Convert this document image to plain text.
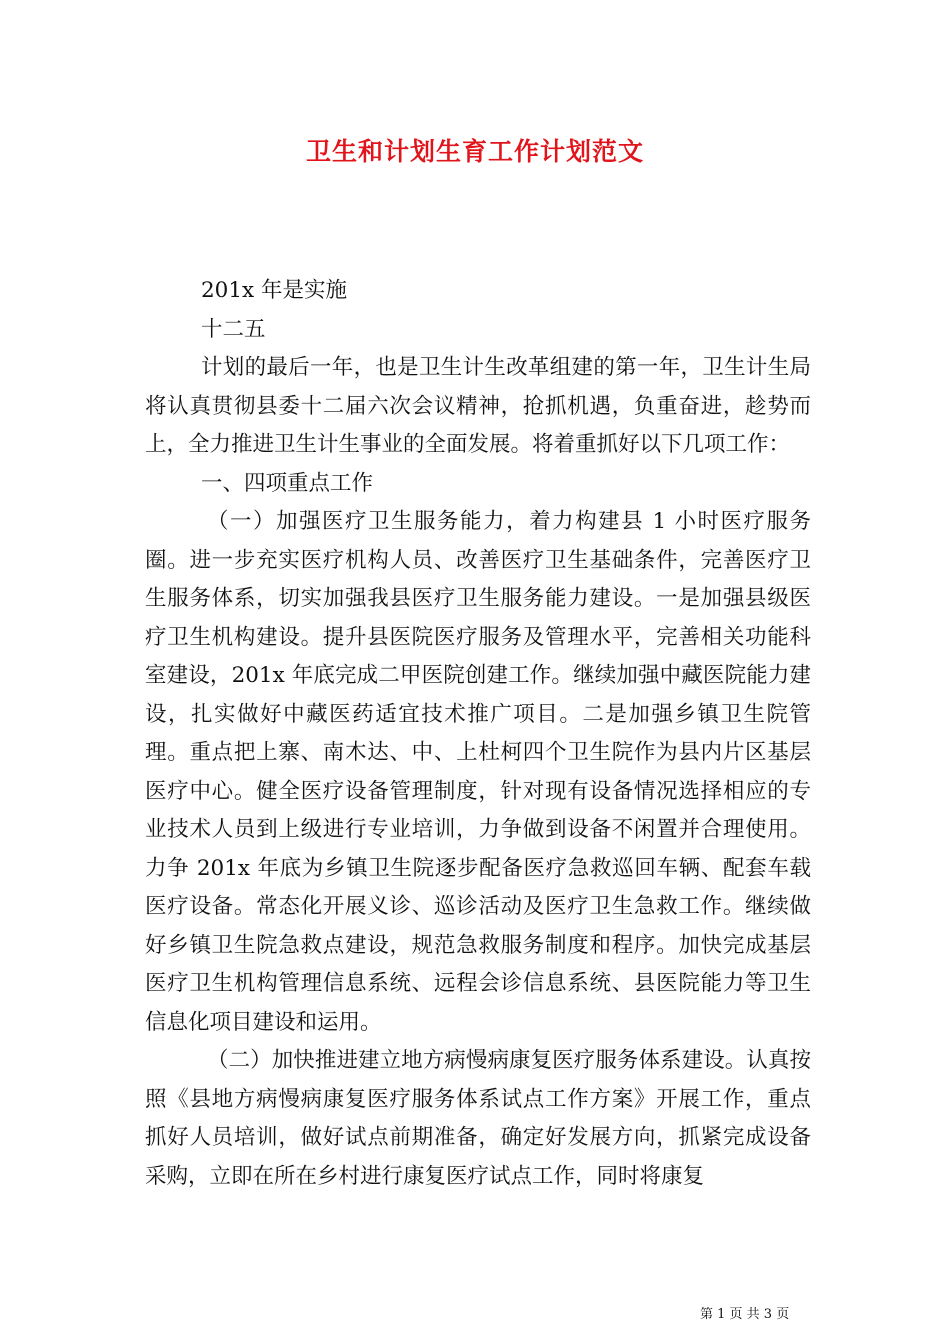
卫生和计划生育工作计划范文

201x 年是实施

十二五

计划的最后一年，也是卫生计生改革组建的第一年，卫生计生局将认真贯彻县委十二届六次会议精神，抢抓机遇，负重奋进，趁势而上，全力推进卫生计生事业的全面发展。将着重抓好以下几项工作：

一、四项重点工作

（一）加强医疗卫生服务能力，着力构建县 1 小时医疗服务圈。进一步充实医疗机构人员、改善医疗卫生基础条件，完善医疗卫生服务体系，切实加强我县医疗卫生服务能力建设。一是加强县级医疗卫生机构建设。提升县医院医疗服务及管理水平，完善相关功能科室建设，201x 年底完成二甲医院创建工作。继续加强中藏医院能力建设，扎实做好中藏医药适宜技术推广项目。二是加强乡镇卫生院管理。重点把上寨、南木达、中、上杜柯四个卫生院作为县内片区基层医疗中心。健全医疗设备管理制度，针对现有设备情况选择相应的专业技术人员到上级进行专业培训，力争做到设备不闲置并合理使用。力争 201x 年底为乡镇卫生院逐步配备医疗急救巡回车辆、配套车载医疗设备。常态化开展义诊、巡诊活动及医疗卫生急救工作。继续做好乡镇卫生院急救点建设，规范急救服务制度和程序。加快完成基层医疗卫生机构管理信息系统、远程会诊信息系统、县医院能力等卫生信息化项目建设和运用。

（二）加快推进建立地方病慢病康复医疗服务体系建设。认真按照《县地方病慢病康复医疗服务体系试点工作方案》开展工作，重点抓好人员培训，做好试点前期准备，确定好发展方向，抓紧完成设备采购，立即在所在乡村进行康复医疗试点工作，同时将康复

第 1 页 共 3 页
